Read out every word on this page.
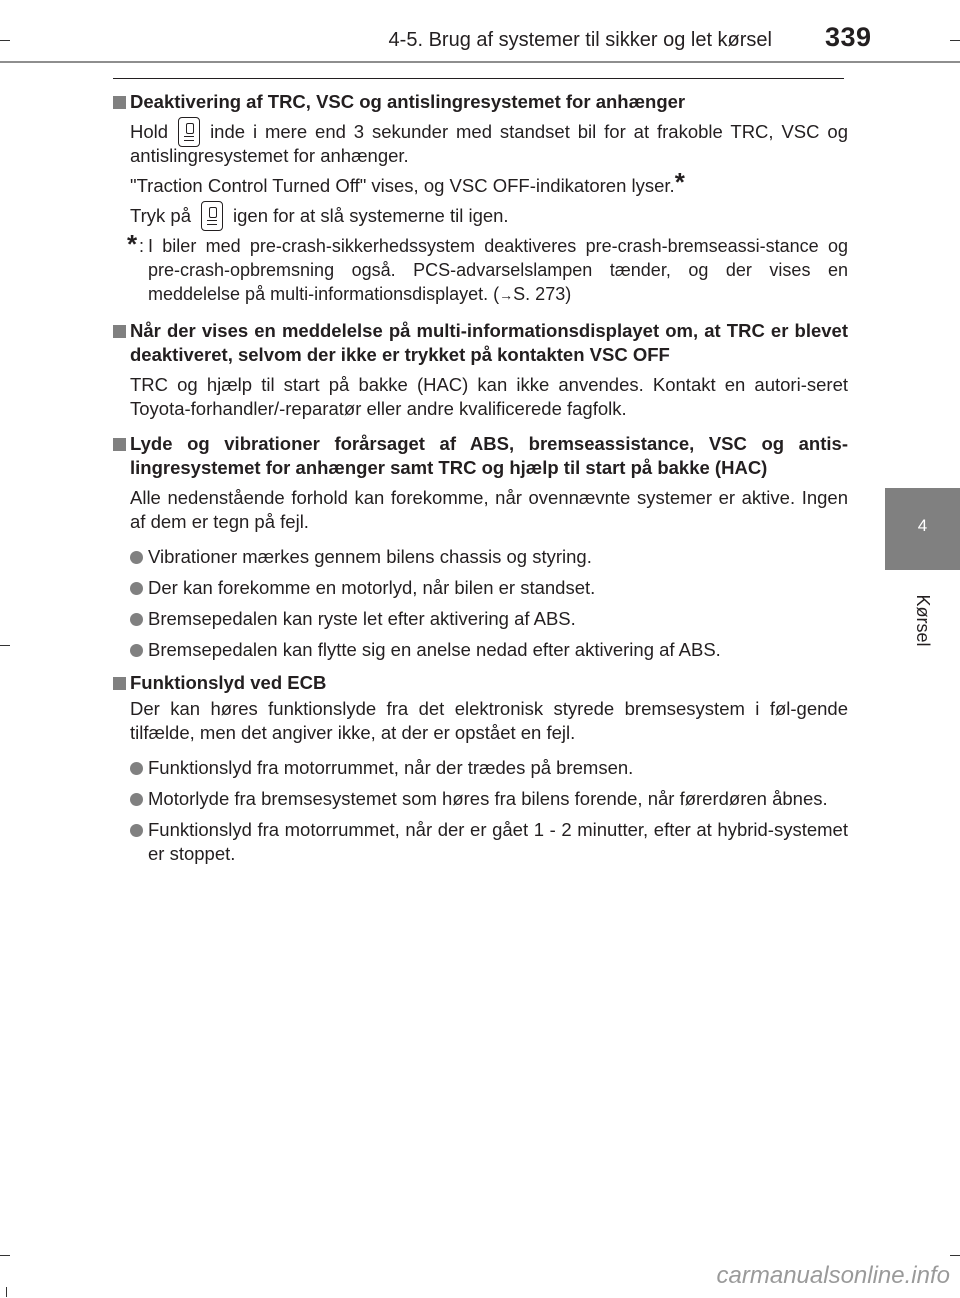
4-5. Brug af systemer til sikker og let kørsel 339
4
Kørsel
Deaktivering af TRC, VSC og antislingresystemet for anhænger
Hold inde i mere end 3 sekunder med standset bil for at frakoble TRC, VSC og antislingresystemet for anhænger.
"Traction Control Turned Off" vises, og VSC OFF-indikatoren lyser.*
Tryk på igen for at slå systemerne til igen.
* : I biler med pre-crash-sikkerhedssystem deaktiveres pre-crash-bremseassi-stance og pre-crash-opbremsning også. PCS-advarselslampen tænder, og der vises en meddelelse på multi-informationsdisplayet. (→S. 273)
Når der vises en meddelelse på multi-informationsdisplayet om, at TRC er blevet deaktiveret, selvom der ikke er trykket på kontakten VSC OFF
TRC og hjælp til start på bakke (HAC) kan ikke anvendes. Kontakt en autori-seret Toyota-forhandler/-reparatør eller andre kvalificerede fagfolk.
Lyde og vibrationer forårsaget af ABS, bremseassistance, VSC og antis-lingresystemet for anhænger samt TRC og hjælp til start på bakke (HAC)
Alle nedenstående forhold kan forekomme, når ovennævnte systemer er aktive. Ingen af dem er tegn på fejl.
Vibrationer mærkes gennem bilens chassis og styring.
Der kan forekomme en motorlyd, når bilen er standset.
Bremsepedalen kan ryste let efter aktivering af ABS.
Bremsepedalen kan flytte sig en anelse nedad efter aktivering af ABS.
Funktionslyd ved ECB
Der kan høres funktionslyde fra det elektronisk styrede bremsesystem i føl-gende tilfælde, men det angiver ikke, at der er opstået en fejl.
Funktionslyd fra motorrummet, når der trædes på bremsen.
Motorlyde fra bremsesystemet som høres fra bilens forende, når førerdøren åbnes.
Funktionslyd fra motorrummet, når der er gået 1 - 2 minutter, efter at hybrid-systemet er stoppet.
carmanualsonline.info
